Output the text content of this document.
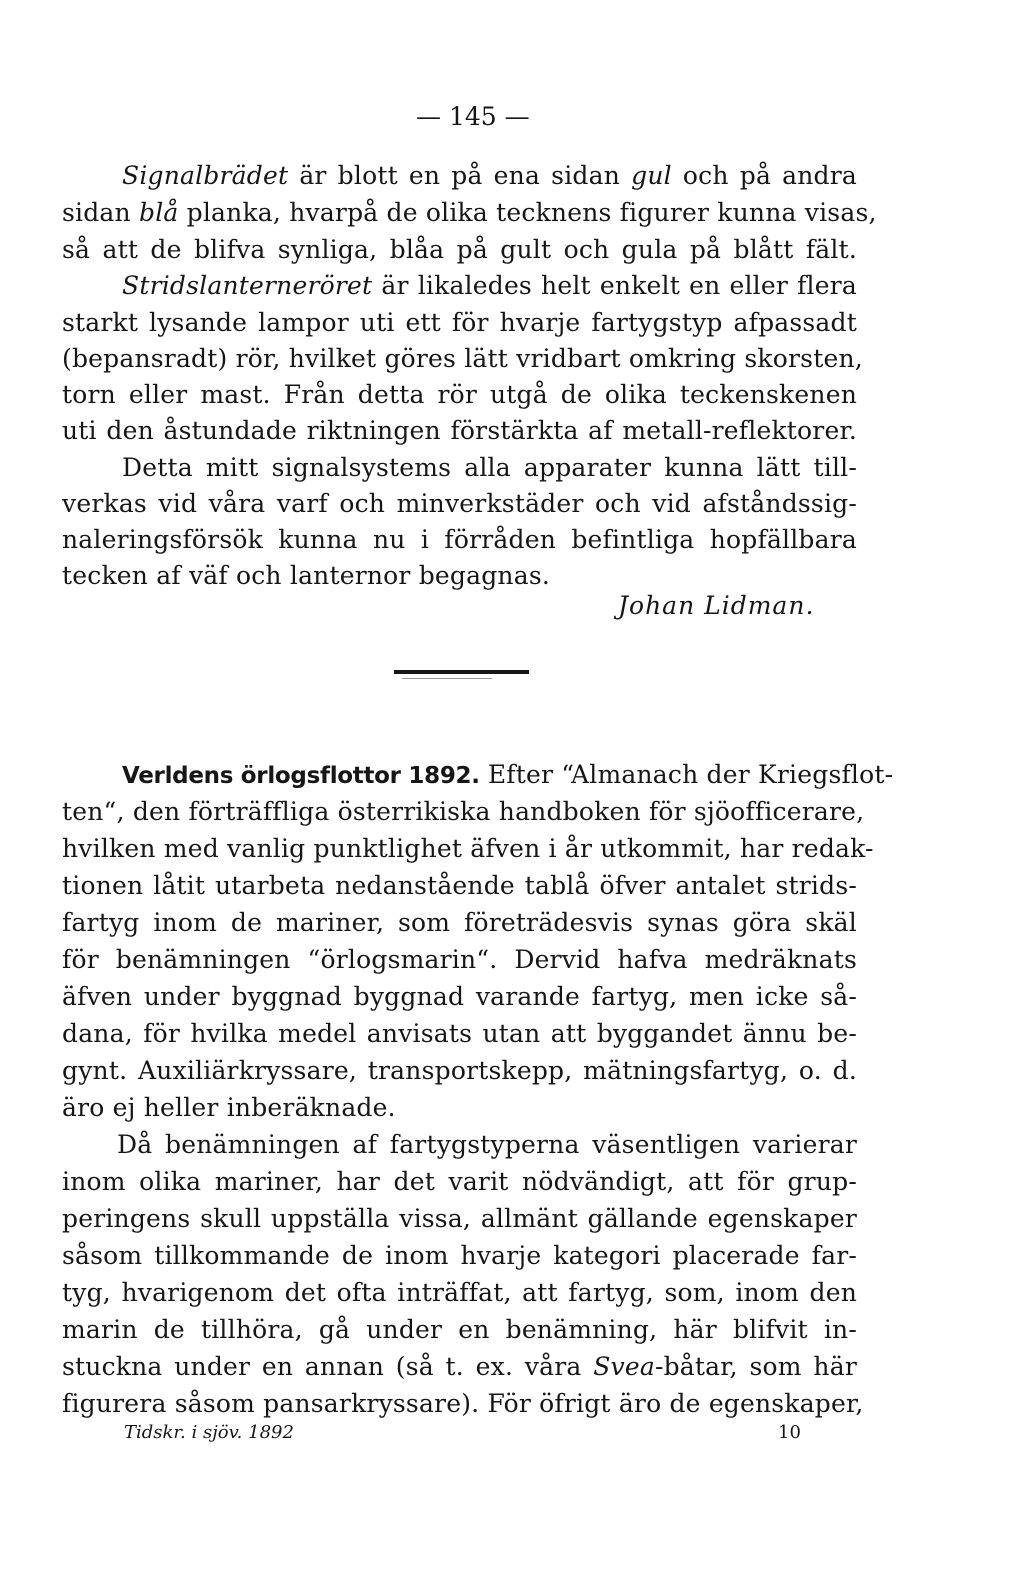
— 145 —
Signalbrädet är blott en på ena sidan gul och på andra
sidan blå planka, hvarpå de olika tecknens figurer kunna visas,
så att de blifva synliga, blåa på gult och gula på blått fält.
Stridslanterneröret är likaledes helt enkelt en eller flera
starkt lysande lampor uti ett för hvarje fartygstyp afpassadt
(bepansradt) rör, hvilket göres lätt vridbart omkring skorsten,
torn eller mast. Från detta rör utgå de olika teckenskenen
uti den åstundade riktningen förstärkta af metall-reflektorer.
Detta mitt signalsystems alla apparater kunna lätt till-
verkas vid våra varf och minverkstäder och vid afståndssig-
naleringsförsök kunna nu i förråden befintliga hopfällbara
tecken af väf och lanternor begagnas.
Johan Lidman.
Verldens örlogsflottor 1892. Efter “Almanach der Kriegsflot-
ten“, den förträffliga österrikiska handboken för sjöofficerare,
hvilken med vanlig punktlighet äfven i år utkommit, har redak-
tionen låtit utarbeta nedanstående tablå öfver antalet strids-
fartyg inom de mariner, som företrädesvis synas göra skäl
för benämningen “örlogsmarin“. Dervid hafva medräknats
äfven under byggnad byggnad varande fartyg, men icke så-
dana, för hvilka medel anvisats utan att byggandet ännu be-
gynt. Auxiliärkryssare, transportskepp, mätningsfartyg, o. d.
äro ej heller inberäknade.
Då benämningen af fartygstyperna väsentligen varierar
inom olika mariner, har det varit nödvändigt, att för grup-
peringens skull uppställa vissa, allmänt gällande egenskaper
såsom tillkommande de inom hvarje kategori placerade far-
tyg, hvarigenom det ofta inträffat, att fartyg, som, inom den
marin de tillhöra, gå under en benämning, här blifvit in-
stuckna under en annan (så t. ex. våra Svea-båtar, som här
figurera såsom pansarkryssare). För öfrigt äro de egenskaper,
Tidskr. i sjöv. 1892	10
